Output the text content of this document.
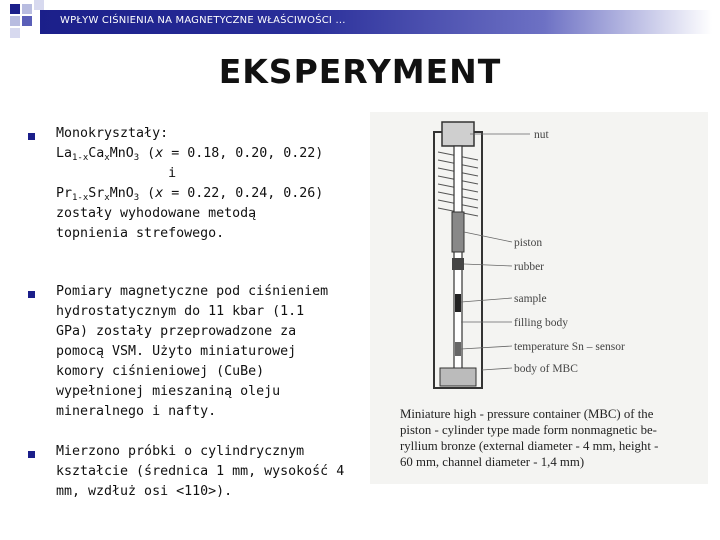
WPŁYW CIŚNIENIA NA MAGNETYCZNE WŁAŚCIWOŚCI ...
EKSPERYMENT
Monokryształy:
$La_{1-x}Ca_xMnO_3$ (x = 0.18, 0.20, 0.22)
i
$Pr_{1-x}Sr_xMnO_3$ (x = 0.22, 0.24, 0.26)
zostały wyhodowane metodą
topnienia strefowego.
Pomiary magnetyczne pod ciśnieniem
hydrostatycznym do 11 kbar (1.1
GPa) zostały przeprowadzone za
pomocą VSM. Użyto miniaturowej
komory ciśnieniowej (CuBe)
wypełnionej mieszaniną oleju
mineralnego i nafty.
Mierzono próbki o cylindrycznym
kształcie (średnica 1 mm, wysokość 4
mm, wzdłuż osi <110>).
nut
piston
rubber
sample
filling body
temperature Sn – sensor
body of MBC
Miniature high - pressure container (MBC) of the
piston - cylinder type made form nonmagnetic be-
ryllium bronze (external diameter - 4 mm, height -
60 mm, channel diameter - 1,4 mm)
